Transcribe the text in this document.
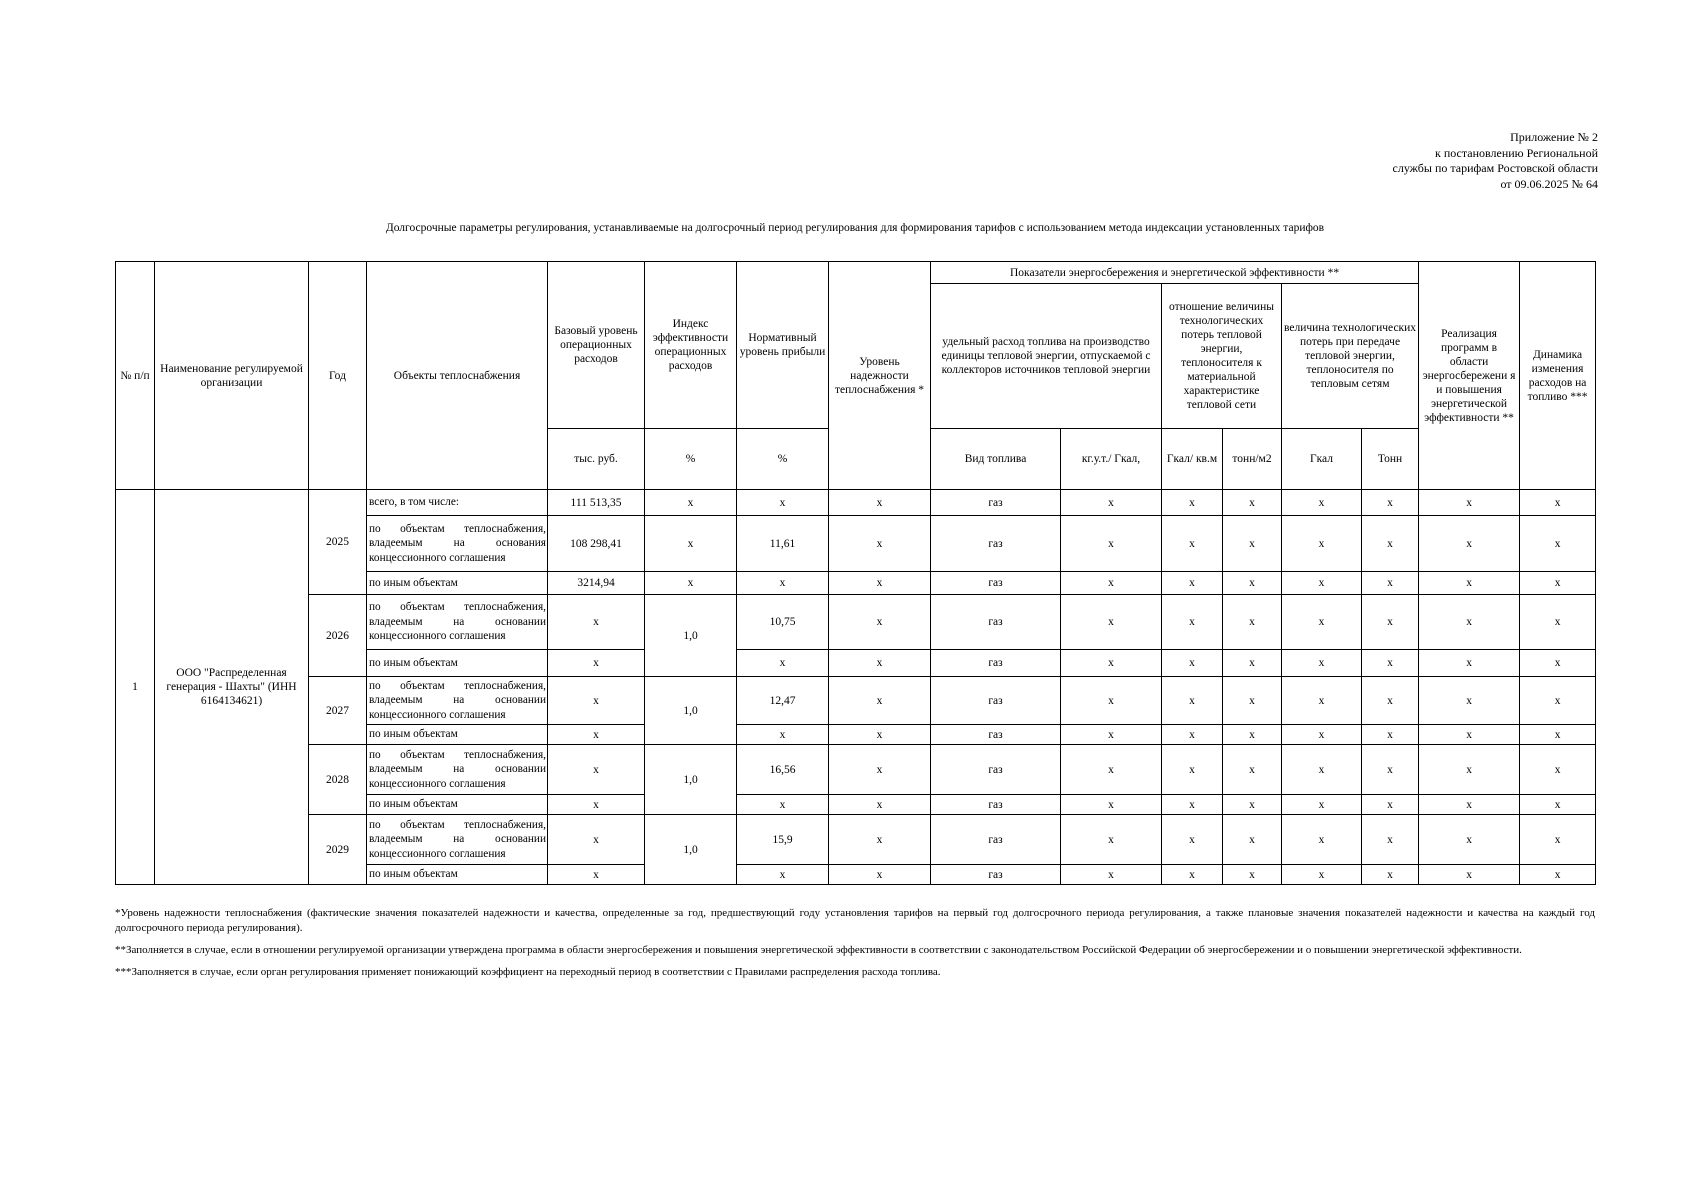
Приложение № 2
к постановлению Региональной
службы по тарифам Ростовской области
от 09.06.2025 № 64
Долгосрочные параметры регулирования, устанавливаемые на долгосрочный период регулирования для формирования тарифов с использованием метода индексации установленных тарифов
№ п/п	Наименование регулируемой организации	Год	Объекты теплоснабжения	Базовый уровень операционных расходов	Индекс эффективности операционных расходов	Нормативный уровень прибыли	Уровень надежности теплоснабжения *	Показатели энергосбережения и энергетической эффективности **						Реализация программ в области энергосбережени я и повышения энергетической эффективности **	Динамика изменения расходов на топливо ***
								удельный расход топлива на производство единицы тепловой энергии, отпускаемой с коллекторов источников тепловой энергии		отношение величины технологических потерь тепловой энергии, теплоносителя к материальной характеристике тепловой сети		величина технологических потерь при передаче тепловой энергии, теплоносителя по тепловым сетям			
				тыс. руб.	%	%		Вид топлива	кг.у.т./ Гкал,	Гкал/ кв.м	тонн/м2	Гкал	Тонн		
1	ООО "Распределенная генерация - Шахты" (ИНН 6164134621)	2025	всего, в том числе:	111 513,35	x	x	x	газ	x	x	x	x	x	x	x
			по объектам теплоснабжения, владеемым на основания концессионного соглашения	108 298,41	x	11,61	x	газ	x	x	x	x	x	x	x
			по иным объектам	3214,94	x	x	x	газ	x	x	x	x	x	x	x
		2026	по объектам теплоснабжения, владеемым на основании концессионного соглашения	x	1,0	10,75	x	газ	x	x	x	x	x	x	x
			по иным объектам	x		x	x	газ	x	x	x	x	x	x	x
		2027	по объектам теплоснабжения, владеемым на основании концессионного соглашения	x	1,0	12,47	x	газ	x	x	x	x	x	x	x
			по иным объектам	x		x	x	газ	x	x	x	x	x	x	x
		2028	по объектам теплоснабжения, владеемым на основании концессионного соглашения	x	1,0	16,56	x	газ	x	x	x	x	x	x	x
			по иным объектам	x		x	x	газ	x	x	x	x	x	x	x
		2029	по объектам теплоснабжения, владеемым на основании концессионного соглашения	x	1,0	15,9	x	газ	x	x	x	x	x	x	x
			по иным объектам	x		x	x	газ	x	x	x	x	x	x	x

*Уровень надежности теплоснабжения (фактические значения показателей надежности и качества, определенные за год, предшествующий году установления тарифов на первый год долгосрочного периода регулирования, а также плановые значения показателей надежности и качества на каждый год долгосрочного периода регулирования).

**Заполняется в случае, если в отношении регулируемой организации утверждена программа в области энергосбережения и повышения энергетической эффективности в соответствии с законодательством Российской Федерации об энергосбережении и о повышении энергетической эффективности.

***Заполняется в случае, если орган регулирования применяет понижающий коэффициент на переходный период в соответствии с Правилами распределения расхода топлива.
